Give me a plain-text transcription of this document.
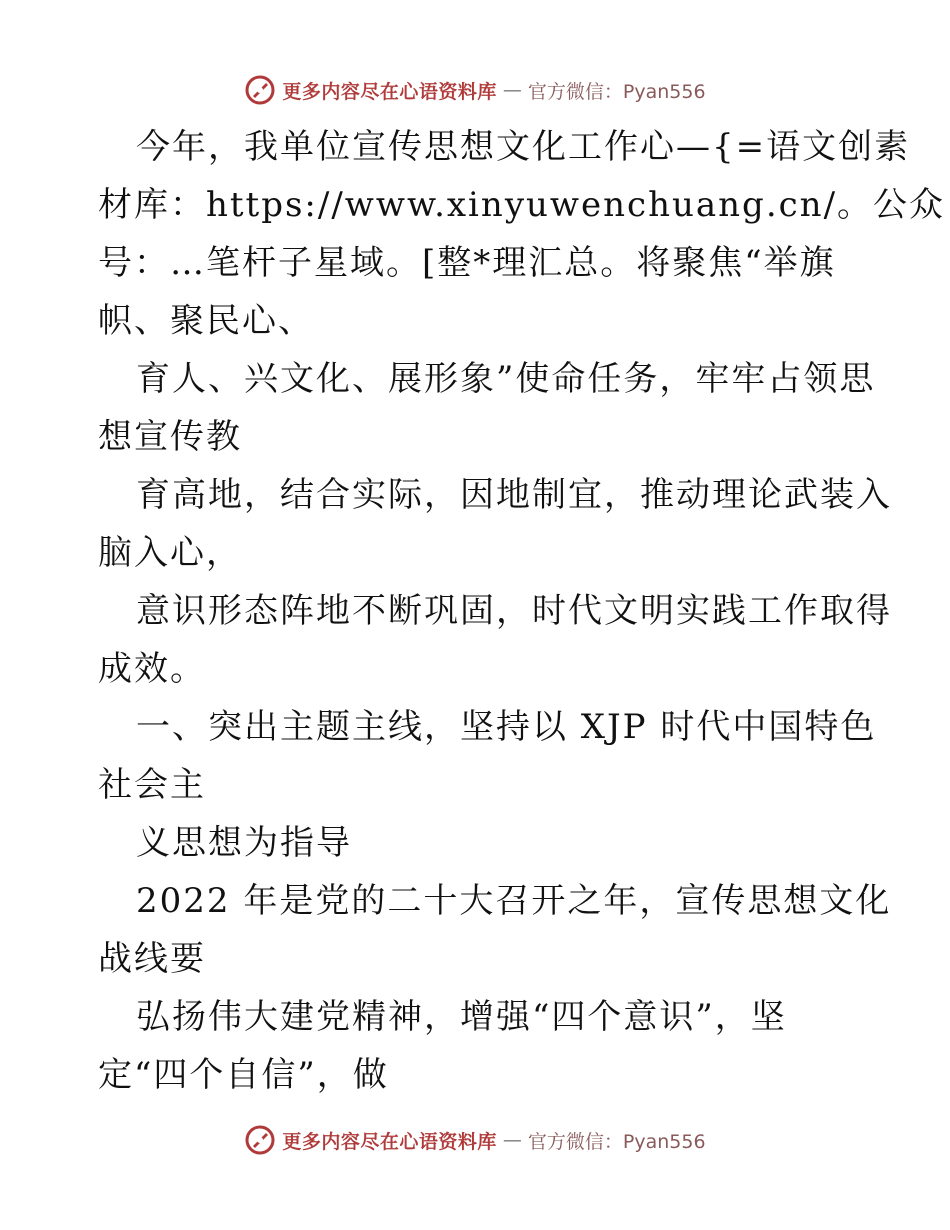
更多内容尽在心语资料库 — 官方微信：Pyan556
今年，我单位宣传思想文化工作心—{=语文创素
材库：https://www.xinyuwenchuang.cn/。公众
号：…笔杆子星域。[整*理汇总。将聚焦“举旗
帜、聚民心、
育人、兴文化、展形象”使命任务，牢牢占领思
想宣传教
育高地，结合实际，因地制宜，推动理论武装入
脑入心，
意识形态阵地不断巩固，时代文明实践工作取得
成效。
一、突出主题主线，坚持以 XJP 时代中国特色
社会主
义思想为指导
2022 年是党的二十大召开之年，宣传思想文化
战线要
弘扬伟大建党精神，增强“四个意识”，坚
定“四个自信”，做
更多内容尽在心语资料库 — 官方微信：Pyan556
